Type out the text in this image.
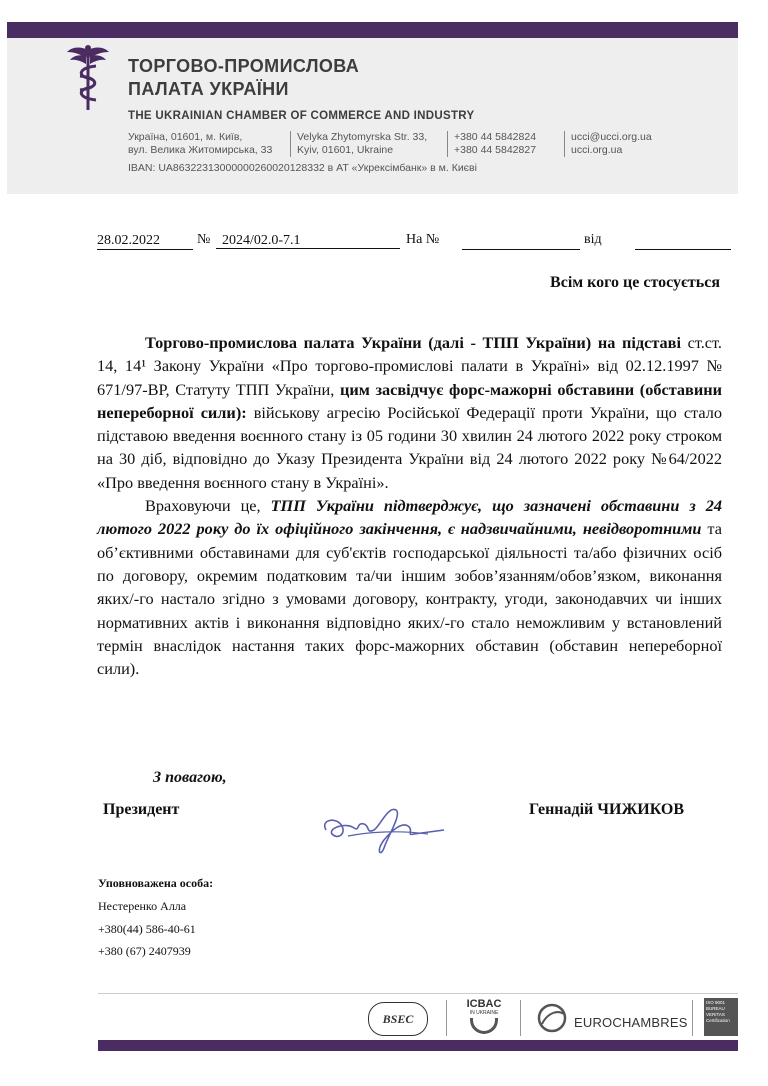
ТОРГОВО-ПРОМИСЛОВА
ПАЛАТА УКРАЇНИ
THE UKRAINIAN CHAMBER OF COMMERCE AND INDUSTRY
Україна, 01601, м. Київ,
вул. Велика Житомирська, 33
Velyka Zhytomyrska Str. 33,
Kyiv, 01601, Ukraine
+380 44 5842824
+380 44 5842827
ucci@ucci.org.ua
ucci.org.ua
IBAN: UA863223130000002600201283​32 в АТ «Укрексімбанк» в м. Києві
28.02.2022	№ 2024/02.0-7.1	На №	від
Всім кого це стосується

Торгово-промислова палата України (далі - ТПП України) на підставі ст.ст. 14, 14¹ Закону України «Про торгово-промислові палати в Україні» від 02.12.1997 № 671/97-ВР, Статуту ТПП України, цим засвідчує форс-мажорні обставини (обставини непереборної сили): військову агресію Російської Федерації проти України, що стало підставою введення воєнного стану із 05 години 30 хвилин 24 лютого 2022 року строком на 30 діб, відповідно до Указу Президента України від 24 лютого 2022 року №64/2022 «Про введення воєнного стану в Україні».

Враховуючи це, ТПП України підтверджує, що зазначені обставини з 24 лютого 2022 року до їх офіційного закінчення, є надзвичайними, невідворотними та об’єктивними обставинами для суб'єктів господарської діяльності та/або фізичних осіб по договору, окремим податковим та/чи іншим зобов’язанням/обов’язком, виконання яких/-го настало згідно з умовами договору, контракту, угоди, законодавчих чи інших нормативних актів і виконання відповідно яких/-го стало неможливим у встановлений термін внаслідок настання таких форс-мажорних обставин (обставин непереборної сили).

З повагою,
Президент	Геннадій ЧИЖИКОВ
Уповноважена особа:
Нестеренко Алла
+380(44) 586-40-61
+380 (67) 2407939
BSEC
ICBAC
IN UKRAINE
EUROCHAMBRES
ISO 9001
BUREAU VERITAS
Certification
